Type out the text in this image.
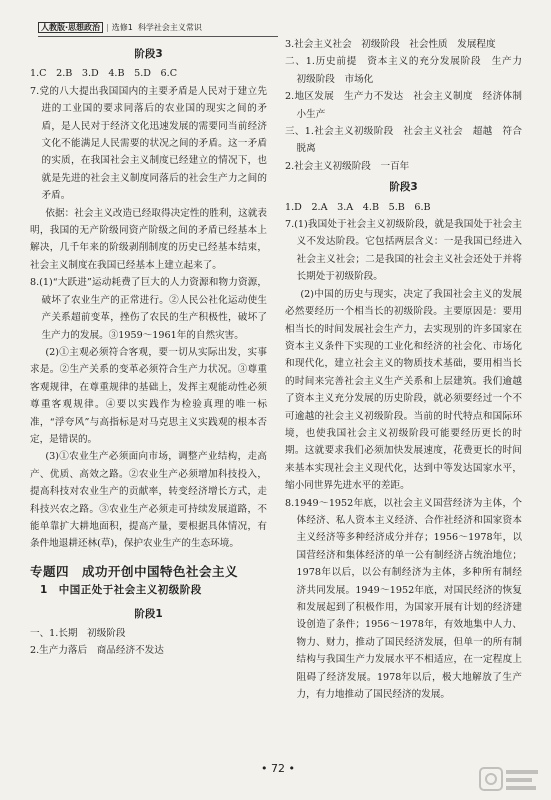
人教版·思想政治 | 选修1 科学社会主义常识

阶段3

1.C　2.B　3.D　4.B　5.D　6.C

7.党的八大提出我国国内的主要矛盾是人民对于建立先进的工业国的要求同落后的农业国的现实之间的矛盾，是人民对于经济文化迅速发展的需要同当前经济文化不能满足人民需要的状况之间的矛盾。这一矛盾的实质，在我国社会主义制度已经建立的情况下，也就是先进的社会主义制度同落后的社会生产力之间的矛盾。

依据：社会主义改造已经取得决定性的胜利，这就表明，我国的无产阶级同资产阶级之间的矛盾已经基本上解决，几千年来的阶级剥削制度的历史已经基本结束，社会主义制度在我国已经基本上建立起来了。

8.(1)“大跃进”运动耗费了巨大的人力资源和物力资源，破坏了农业生产的正常进行。②人民公社化运动使生产关系超前变革，挫伤了农民的生产积极性，破坏了生产力的发展。③1959～1961年的自然灾害。

(2)①主观必须符合客观，要一切从实际出发，实事求是。②生产关系的变革必须符合生产力状况。③尊重客观规律，在尊重规律的基础上，发挥主观能动性必须尊重客观规律。④要以实践作为检验真理的唯一标准，“浮夸风”与高指标是对马克思主义实践观的根本否定，是错误的。

(3)①农业生产必须面向市场，调整产业结构，走高产、优质、高效之路。②农业生产必须增加科技投入，提高科技对农业生产的贡献率，转变经济增长方式，走科技兴农之路。③农业生产必须走可持续发展道路，不能单靠扩大耕地面积，提高产量，要根据具体情况，有条件地退耕还林(草)，保护农业生产的生态环境。

专题四　成功开创中国特色社会主义

1　中国正处于社会主义初级阶段

阶段1

一、1.长期　初级阶段

2.生产力落后　商品经济不发达

3.社会主义社会　初级阶段　社会性质　发展程度

二、1.历史前提　资本主义的充分发展阶段　生产力　初级阶段　市场化

2.地区发展　生产力不发达　社会主义制度　经济体制　小生产

三、1.社会主义初级阶段　社会主义社会　超越　符合　脱离

2.社会主义初级阶段　一百年

阶段3

1.D　2.A　3.A　4.B　5.B　6.B

7.(1)我国处于社会主义初级阶段，就是我国处于社会主义不发达阶段。它包括两层含义：一是我国已经进入社会主义社会；二是我国的社会主义社会还处于并将长期处于初级阶段。

(2)中国的历史与现实，决定了我国社会主义的发展必然要经历一个相当长的初级阶段。主要原因是：要用相当长的时间发展社会生产力，去实现别的许多国家在资本主义条件下实现的工业化和经济的社会化、市场化和现代化，建立社会主义的物质技术基础，要用相当长的时间来完善社会主义生产关系和上层建筑。我们逾越了资本主义充分发展的历史阶段，就必须要经过一个不可逾越的社会主义初级阶段。当前的时代特点和国际环境，也使我国社会主义初级阶段可能要经历更长的时期。这就要求我们必须加快发展速度，花费更长的时间来基本实现社会主义现代化，达到中等发达国家水平，缩小同世界先进水平的差距。

8.1949～1952年底，以社会主义国营经济为主体，个体经济、私人资本主义经济、合作社经济和国家资本主义经济等多种经济成分并存；1956～1978年，以国营经济和集体经济的单一公有制经济占统治地位；1978年以后，以公有制经济为主体，多种所有制经济共同发展。1949～1952年底，对国民经济的恢复和发展起到了积极作用，为国家开展有计划的经济建设创造了条件；1956～1978年，有效地集中人力、物力、财力，推动了国民经济发展，但单一的所有制结构与我国生产力发展水平不相适应，在一定程度上阻碍了经济发展。1978年以后，极大地解放了生产力，有力地推动了国民经济的发展。

• 72 •
